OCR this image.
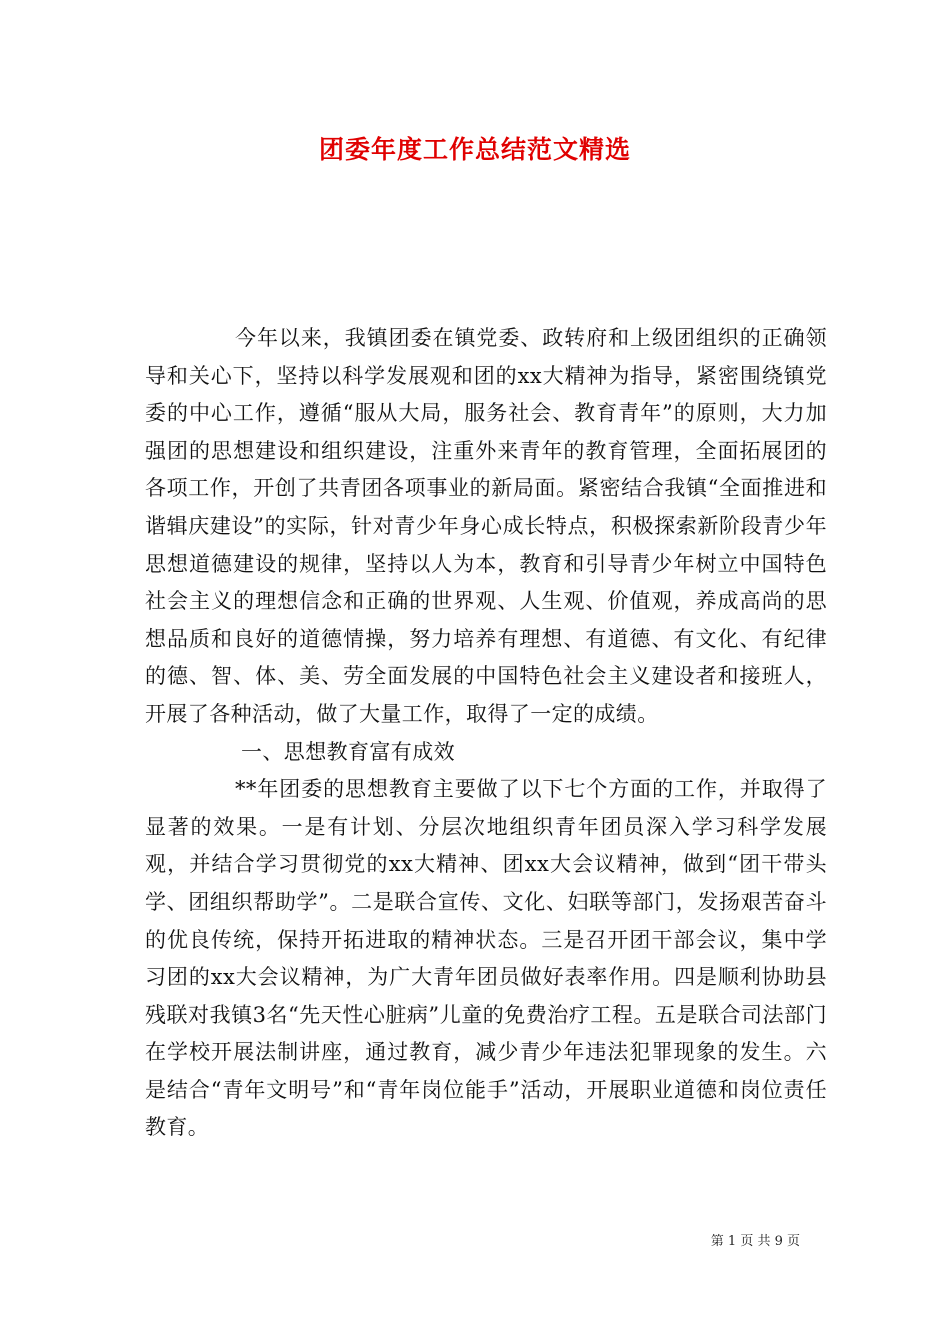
团委年度工作总结范文精选

今年以来，我镇团委在镇党委、政转府和上级团组织的正确领导和关心下，坚持以科学发展观和团的xx大精神为指导，紧密围绕镇党委的中心工作，遵循“服从大局，服务社会、教育青年”的原则，大力加强团的思想建设和组织建设，注重外来青年的教育管理，全面拓展团的各项工作，开创了共青团各项事业的新局面。紧密结合我镇“全面推进和谐辑庆建设”的实际，针对青少年身心成长特点，积极探索新阶段青少年思想道德建设的规律，坚持以人为本，教育和引导青少年树立中国特色社会主义的理想信念和正确的世界观、人生观、价值观，养成高尚的思想品质和良好的道德情操，努力培养有理想、有道德、有文化、有纪律的德、智、体、美、劳全面发展的中国特色社会主义建设者和接班人，开展了各种活动，做了大量工作，取得了一定的成绩。

一、思想教育富有成效

**年团委的思想教育主要做了以下七个方面的工作，并取得了显著的效果。一是有计划、分层次地组织青年团员深入学习科学发展观，并结合学习贯彻党的xx大精神、团xx大会议精神，做到“团干带头学、团组织帮助学”。二是联合宣传、文化、妇联等部门，发扬艰苦奋斗的优良传统，保持开拓进取的精神状态。三是召开团干部会议，集中学习团的xx大会议精神，为广大青年团员做好表率作用。四是顺利协助县残联对我镇3名“先天性心脏病”儿童的免费治疗工程。五是联合司法部门在学校开展法制讲座，通过教育，减少青少年违法犯罪现象的发生。六是结合“青年文明号”和“青年岗位能手”活动，开展职业道德和岗位责任教育。

第 1 页 共 9 页
